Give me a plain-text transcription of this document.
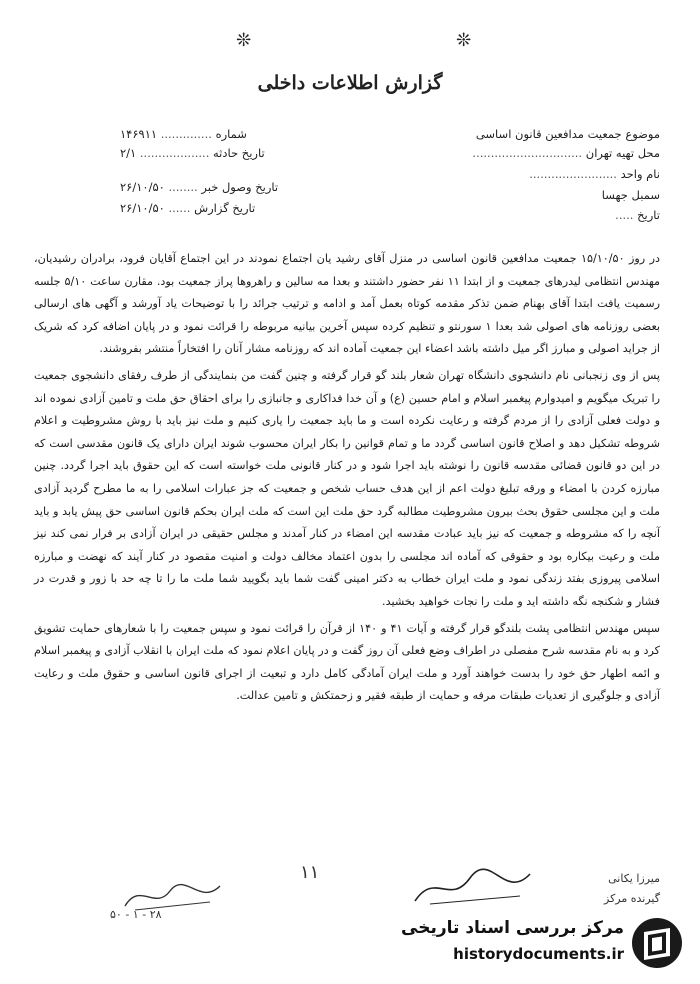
❊	❊
گزارش اطلاعات داخلی
موضوع جمعیت مدافعین قانون اساسی
محل تهیه تهران ..............................
نام واحد ........................
سمبل جهسا
تاریخ .....
شماره .............. ۱۴۶۹۱۱
تاریخ حادثه ................... ۲/۱
تاریخ وصول خبر ........ ۲۶/۱۰/۵۰
تاریخ گزارش ...... ۲۶/۱۰/۵۰

در روز ۱۵/۱۰/۵۰ جمعیت مدافعین قانون اساسی در منزل آقای رشید یان اجتماع نمودند در این اجتماع آقایان فرود، برادران رشیدیان، مهندس انتظامی لیدرهای جمعیت و از ابتدا ۱۱ نفر حضور داشتند و بعدا مه سالین و راهروها پراز جمعیت بود. مقارن ساعت ۵/۱۰ جلسه رسمیت یافت ابتدا آقای بهنام ضمن تذکر مقدمه کوتاه بعمل آمد و ادامه و ترتیب جرائد را با توضیحات یاد آورشد و آگهی های ارسالی بعضی روزنامه های اصولی شد بعدا ۱ سورنتو و تنظیم کرده سپس آخرین بیانیه مربوطه را قرائت نمود و در پایان اضافه کرد که شریک از جراید اصولی و مبارز اگر میل داشته باشد اعضاء این جمعیت آماده اند که روزنامه مشار آنان را افتخاراً منتشر بفروشند.

پس از وی زنجبانی نام دانشجوی دانشگاه تهران شعار بلند گو قرار گرفته و چنین گفت من بنمایندگی از طرف رفقای دانشجوی جمعیت را تبریک میگویم و امیدوارم پیغمبر اسلام و امام حسین (ع) و آن خدا فداکاری و جانبازی را برای احقاق حق ملت و تامین آزادی نموده اند و دولت فعلی آزادی را از مردم گرفته و رعایت نکرده است و ما باید جمعیت را یاری کنیم و ملت نیز باید با روش مشروطیت و اعلام شروطه تشکیل دهد و اصلاح قانون اساسی گردد ما و تمام قوانین را بکار ایران محسوب شوند ایران دارای یک قانون مقدسی است که در این دو قانون قضائی مقدسه قانون را نوشته باید اجرا شود و در کنار قانونی ملت خواسته است که این حقوق باید اجرا گردد. چنین مبارزه کردن با امضاء و ورقه تبلیغ دولت اعم از این هدف حساب شخص و جمعیت که جز عبارات اسلامی را به ما مطرح گردید آزادی ملت و این مجلسی حقوق بحث بیرون مشروطیت مطالبه گرد حق ملت این است که ملت ایران بحکم قانون اساسی حق پیش یابد و باید آنچه را که مشروطه و جمعیت که نیز باید عبادت مقدسه این امضاء در کنار آمدند و مجلس حقیقی در ایران آزادی بر فرار نمی کند نیز ملت و رعیت بیکاره بود و حقوقی که آماده اند مجلسی را بدون اعتماد مخالف دولت و امنیت مقصود در کنار آیند که نهضت و مبارزه اسلامی پیروزی بفتد زندگی نمود و ملت ایران خطاب به دکتر امینی گفت شما باید بگویید شما ملت ما را تا چه حد با زور و قدرت در فشار و شکنجه نگه داشته اید و ملت را نجات خواهید بخشید.

سپس مهندس انتظامی پشت بلندگو قرار گرفته و آیات ۴۱ و ۱۴۰ از قرآن را قرائت نمود و سپس جمعیت را با شعارهای حمایت تشویق کرد و به نام مقدسه شرح مفصلی در اطراف وضع فعلی آن روز گفت و در پایان اعلام نمود که ملت ایران با انقلاب آزادی و پیغمبر اسلام و ائمه اطهار حق خود را بدست خواهند آورد و ملت ایران آمادگی کامل دارد و تبعیت از اجرای قانون اساسی و حقوق ملت و رعایت آزادی و جلوگیری از تعدیات طبقات مرفه و حمایت از طبقه فقیر و زحمتکش و تامین عدالت.

۱۱	میرزا یکانی
گیرنده مرکز
۲۸ - ۱ - ۵۰
مرکز بررسی اسناد تاریخی
historydocuments.ir
